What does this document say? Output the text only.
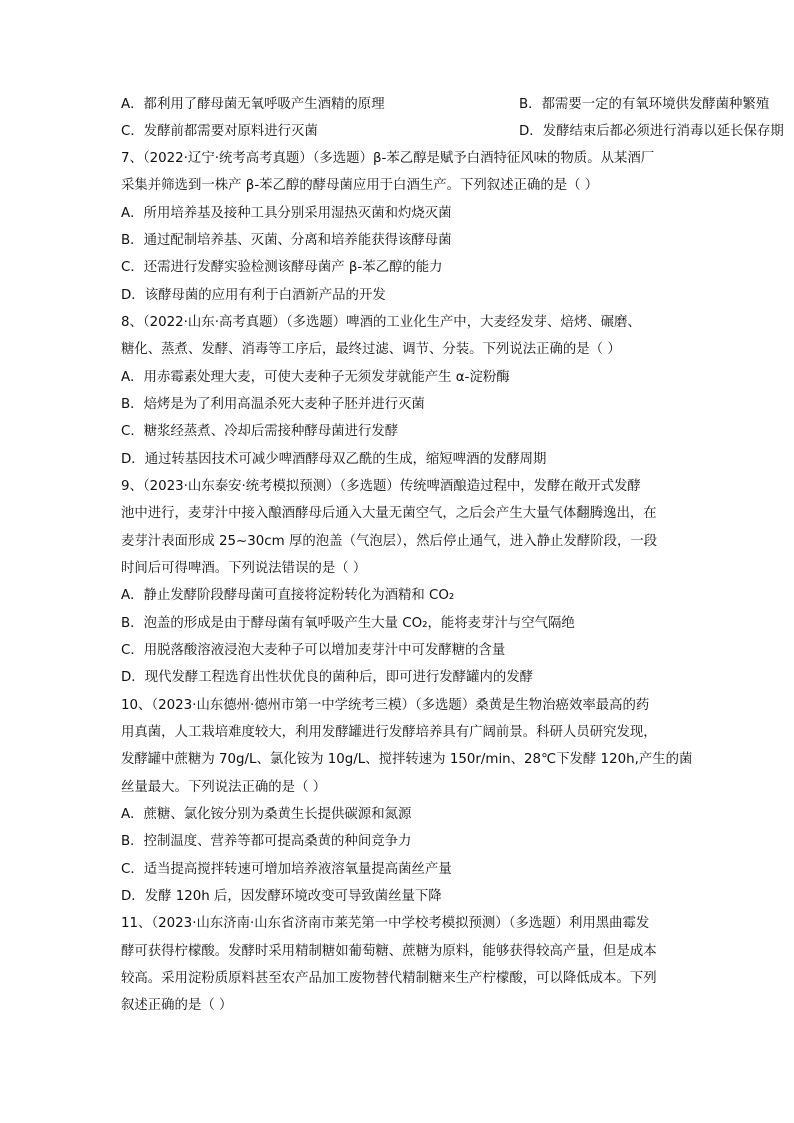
A．都利用了酵母菌无氧呼吸产生酒精的原理	B．都需要一定的有氧环境供发酵菌种繁殖
C．发酵前都需要对原料进行灭菌	D．发酵结束后都必须进行消毒以延长保存期
7、（2022·辽宁·统考高考真题）（多选题）β-苯乙醇是赋予白酒特征风味的物质。从某酒厂
采集并筛选到一株产 β-苯乙醇的酵母菌应用于白酒生产。下列叙述正确的是（ ）
A．所用培养基及接种工具分别采用湿热灭菌和灼烧灭菌
B．通过配制培养基、灭菌、分离和培养能获得该酵母菌
C．还需进行发酵实验检测该酵母菌产 β-苯乙醇的能力
D．该酵母菌的应用有利于白酒新产品的开发
8、（2022·山东·高考真题）（多选题）啤酒的工业化生产中，大麦经发芽、焙烤、碾磨、
糖化、蒸煮、发酵、消毒等工序后，最终过滤、调节、分装。下列说法正确的是（ ）
A．用赤霉素处理大麦，可使大麦种子无须发芽就能产生 α-淀粉酶
B．焙烤是为了利用高温杀死大麦种子胚并进行灭菌
C．糖浆经蒸煮、冷却后需接种酵母菌进行发酵
D．通过转基因技术可减少啤酒酵母双乙酰的生成，缩短啤酒的发酵周期
9、（2023·山东泰安·统考模拟预测）（多选题）传统啤酒酿造过程中，发酵在敞开式发酵
池中进行，麦芽汁中接入酿酒酵母后通入大量无菌空气，之后会产生大量气体翻腾逸出，在
麦芽汁表面形成 25~30cm 厚的泡盖（气泡层），然后停止通气，进入静止发酵阶段，一段
时间后可得啤酒。下列说法错误的是（ ）
A．静止发酵阶段酵母菌可直接将淀粉转化为酒精和 CO₂
B．泡盖的形成是由于酵母菌有氧呼吸产生大量 CO₂，能将麦芽汁与空气隔绝
C．用脱落酸溶液浸泡大麦种子可以增加麦芽汁中可发酵糖的含量
D．现代发酵工程选育出性状优良的菌种后，即可进行发酵罐内的发酵
10、（2023·山东德州·德州市第一中学统考三模）（多选题）桑黄是生物治癌效率最高的药
用真菌，人工栽培难度较大，利用发酵罐进行发酵培养具有广阔前景。科研人员研究发现，
发酵罐中蔗糖为 70g/L、氯化铵为 10g/L、搅拌转速为 150r/min、28℃下发酵 120h,产生的菌
丝量最大。下列说法正确的是（ ）
A．蔗糖、氯化铵分别为桑黄生长提供碳源和氮源
B．控制温度、营养等都可提高桑黄的种间竞争力
C．适当提高搅拌转速可增加培养液溶氧量提高菌丝产量
D．发酵 120h 后，因发酵环境改变可导致菌丝量下降
11、（2023·山东济南·山东省济南市莱芜第一中学校考模拟预测）（多选题）利用黑曲霉发
酵可获得柠檬酸。发酵时采用精制糖如葡萄糖、蔗糖为原料，能够获得较高产量，但是成本
较高。采用淀粉质原料甚至农产品加工废物替代精制糖来生产柠檬酸，可以降低成本。下列
叙述正确的是（ ）
